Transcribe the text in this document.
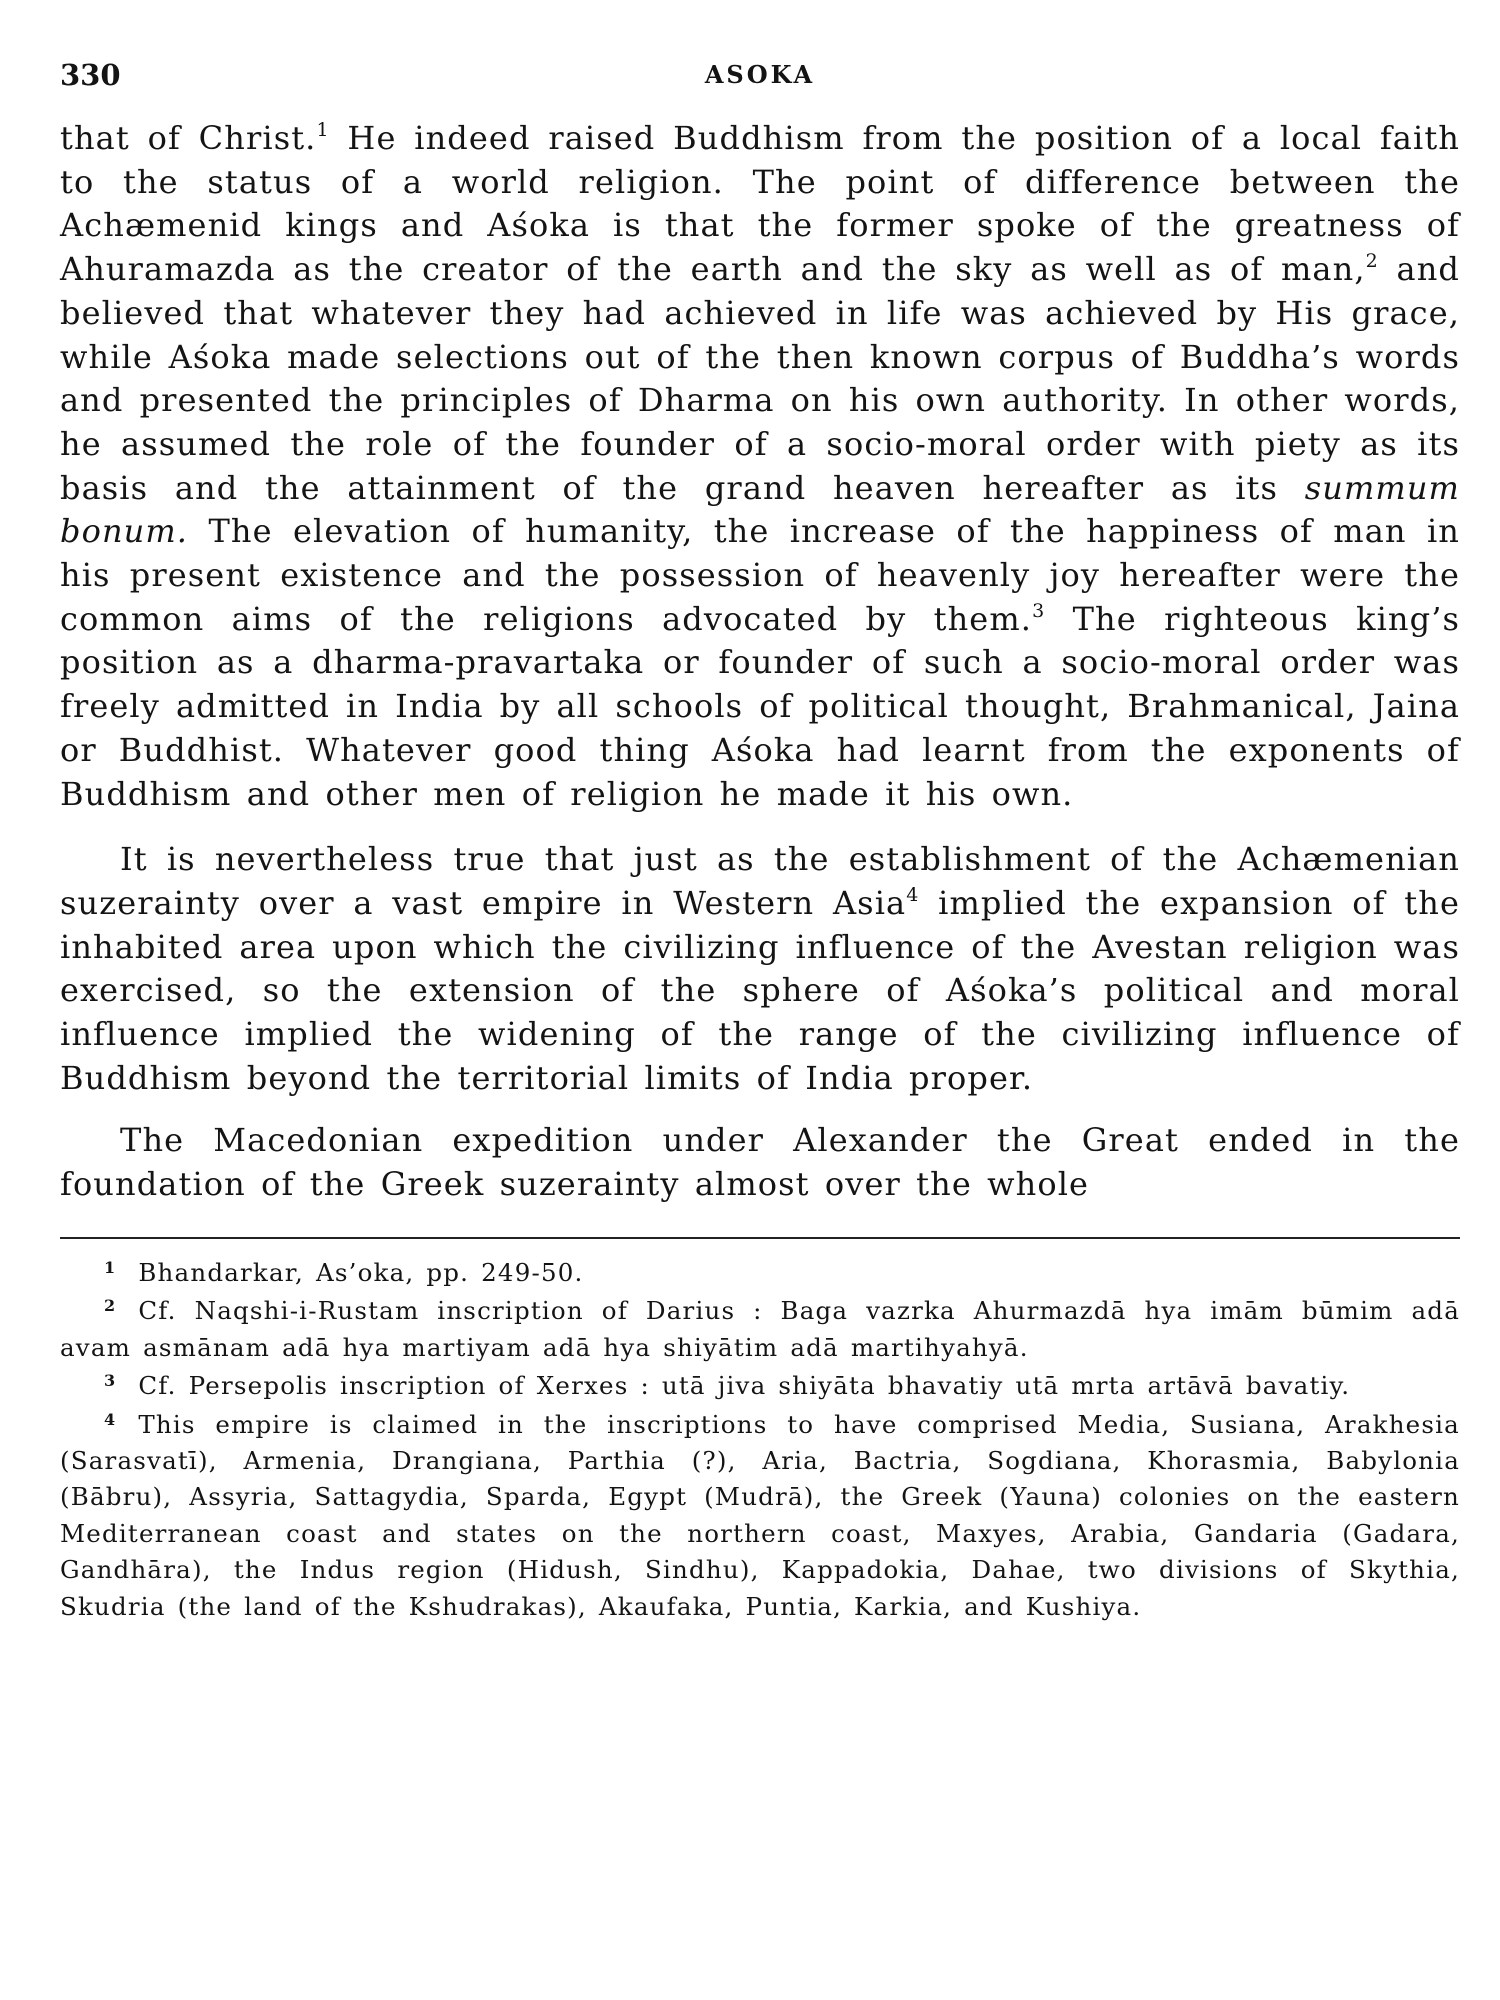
330	ASOKA

that of Christ.$^1$ He indeed raised Buddhism from the position of a local faith to the status of a world religion. The point of difference between the Achæmenid kings and Aśoka is that the former spoke of the greatness of Ahuramazda as the creator of the earth and the sky as well as of man,$^2$ and believed that whatever they had achieved in life was achieved by His grace, while Aśoka made selections out of the then known corpus of Buddha’s words and presented the principles of Dharma on his own authority. In other words, he assumed the role of the founder of a socio-moral order with piety as its basis and the attainment of the grand heaven hereafter as its summum bonum. The elevation of humanity, the increase of the happiness of man in his present existence and the possession of heavenly joy hereafter were the common aims of the religions advocated by them.$^3$ The righteous king’s position as a dharma-pravartaka or founder of such a socio-moral order was freely admitted in India by all schools of political thought, Brahmanical, Jaina or Buddhist. Whatever good thing Aśoka had learnt from the exponents of Buddhism and other men of religion he made it his own.

It is nevertheless true that just as the establishment of the Achæmenian suzerainty over a vast empire in Western Asia$^4$ implied the expansion of the inhabited area upon which the civilizing influence of the Avestan religion was exercised, so the extension of the sphere of Aśoka’s political and moral influence implied the widening of the range of the civilizing influence of Buddhism beyond the territorial limits of India proper.

The Macedonian expedition under Alexander the Great ended in the foundation of the Greek suzerainty almost over the whole

$^1$ Bhandarkar, As’oka, pp. 249-50.

$^2$ Cf. Naqshi-i-Rustam inscription of Darius : Baga vazrka Ahurmazdā hya imām būmim adā avam asmānam adā hya martiyam adā hya shiyātim adā martihyahyā.

$^3$ Cf. Persepolis inscription of Xerxes : utā jiva shiyāta bhavatiy utā mrta artāvā bavatiy.

$^4$ This empire is claimed in the inscriptions to have comprised Media, Susiana, Arakhesia (Sarasvatī), Armenia, Drangiana, Parthia (?), Aria, Bactria, Sogdiana, Khorasmia, Babylonia (Bābru), Assyria, Sattagydia, Sparda, Egypt (Mudrā), the Greek (Yauna) colonies on the eastern Mediterranean coast and states on the northern coast, Maxyes, Arabia, Gandaria (Gadara, Gandhāra), the Indus region (Hidush, Sindhu), Kappadokia, Dahae, two divisions of Skythia, Skudria (the land of the Kshudrakas), Akaufaka, Puntia, Karkia, and Kushiya.
